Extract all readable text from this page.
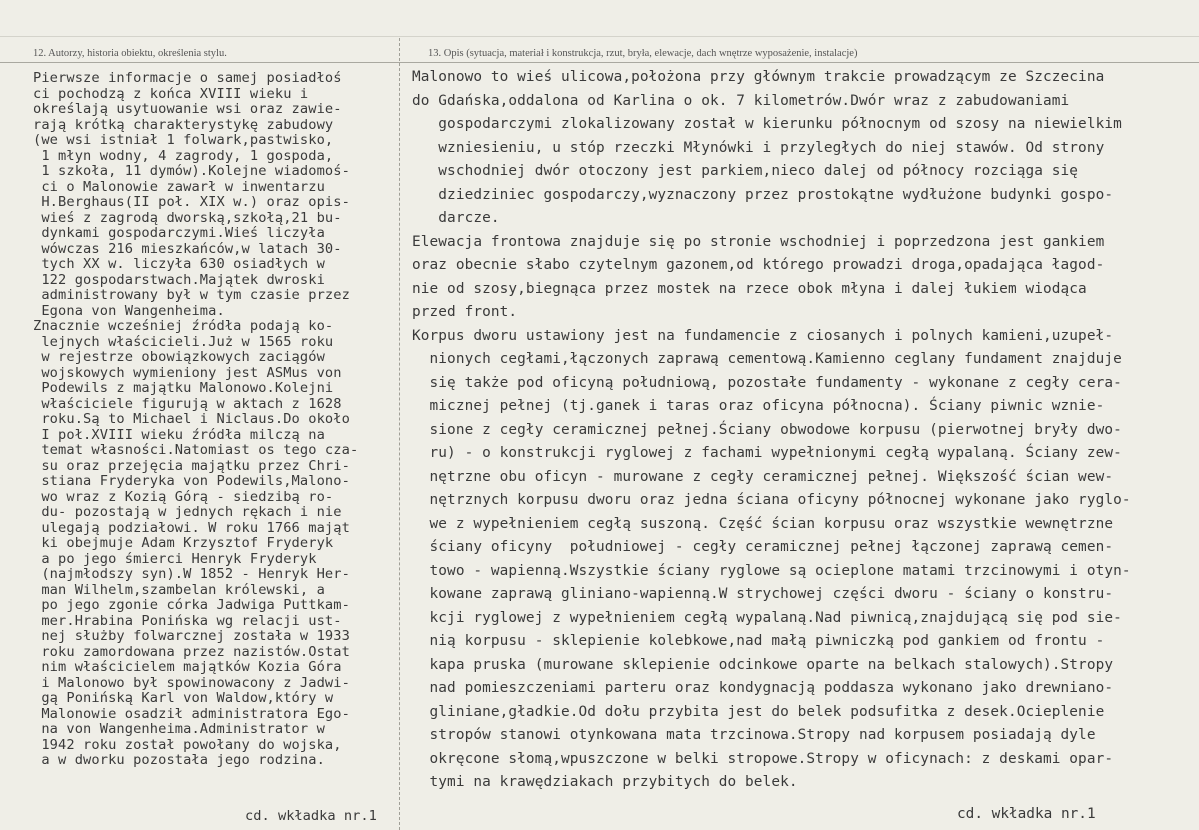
12. Autorzy, historia obiektu, określenia stylu.	13. Opis (sytuacja, materiał i konstrukcja, rzut, bryła, elewacje, dach wnętrze wyposażenie, instalacje)
Pierwsze informacje o samej posiadłoś
ci pochodzą z końca XVIII wieku i
określają usytuowanie wsi oraz zawie-
rają krótką charakterystykę zabudowy
(we wsi istniał 1 folwark,pastwisko,
1 młyn wodny, 4 zagrody, 1 gospoda,
1 szkoła, 11 dymów).Kolejne wiadomoś-
ci o Malonowie zawarł w inwentarzu
H.Berghaus(II poł. XIX w.) oraz opis-
wieś z zagrodą dworską,szkołą,21 bu-
dynkami gospodarczymi.Wieś liczyła
wówczas 216 mieszkańców,w latach 30-
tych XX w. liczyła 630 osiadłych w
122 gospodarstwach.Majątek dwroski
administrowany był w tym czasie przez
Egona von Wangenheima.
Znacznie wcześniej źródła podają ko-
lejnych właścicieli.Już w 1565 roku
w rejestrze obowiązkowych zaciągów
wojskowych wymieniony jest ASMus von
Podewils z majątku Malonowo.Kolejni
właściciele figurują w aktach z 1628
roku.Są to Michael i Niclaus.Do około
I poł.XVIII wieku źródła milczą na
temat własności.Natomiast os tego cza-
su oraz przejęcia majątku przez Chri-
stiana Fryderyka von Podewils,Malono-
wo wraz z Kozią Górą - siedzibą ro-
du- pozostają w jednych rękach i nie
ulegają podziałowi. W roku 1766 mająt
ki obejmuje Adam Krzysztof Fryderyk
a po jego śmierci Henryk Fryderyk
(najmłodszy syn).W 1852 - Henryk Her-
man Wilhelm,szambelan królewski, a
po jego zgonie córka Jadwiga Puttkam-
mer.Hrabina Ponińska wg relacji ust-
nej służby folwarcznej została w 1933
roku zamordowana przez nazistów.Ostat
nim właścicielem majątków Kozia Góra
i Malonowo był spowinowacony z Jadwi-
gą Ponińską Karl von Waldow,który w
Malonowie osadził administratora Ego-
na von Wangenheima.Administrator w
1942 roku został powołany do wojska,
a w dworku pozostała jego rodzina.
Malonowo to wieś ulicowa,położona przy głównym trakcie prowadzącym ze Szczecina
do Gdańska,oddalona od Karlina o ok. 7 kilometrów.Dwór wraz z zabudowaniami
gospodarczymi zlokalizowany został w kierunku północnym od szosy na niewielkim
wzniesieniu, u stóp rzeczki Młynówki i przyległych do niej stawów. Od strony
wschodniej dwór otoczony jest parkiem,nieco dalej od północy rozciąga się
dziedziniec gospodarczy,wyznaczony przez prostokątne wydłużone budynki gospo-
darcze.
Elewacja frontowa znajduje się po stronie wschodniej i poprzedzona jest gankiem
oraz obecnie słabo czytelnym gazonem,od którego prowadzi droga,opadająca łagod-
nie od szosy,biegnąca przez mostek na rzece obok młyna i dalej łukiem wiodąca
przed front.
Korpus dworu ustawiony jest na fundamencie z ciosanych i polnych kamieni,uzupeł-
nionych cegłami,łączonych zaprawą cementową.Kamienno ceglany fundament znajduje
się także pod oficyną południową, pozostałe fundamenty - wykonane z cegły cera-
micznej pełnej (tj.ganek i taras oraz oficyna północna). Ściany piwnic wznie-
sione z cegły ceramicznej pełnej.Ściany obwodowe korpusu (pierwotnej bryły dwo-
ru) - o konstrukcji ryglowej z fachami wypełnionymi cegłą wypalaną. Ściany zew-
nętrzne obu oficyn - murowane z cegły ceramicznej pełnej. Większość ścian wew-
nętrznych korpusu dworu oraz jedna ściana oficyny północnej wykonane jako ryglo-
we z wypełnieniem cegłą suszoną. Część ścian korpusu oraz wszystkie wewnętrzne
ściany oficyny  południowej - cegły ceramicznej pełnej łączonej zaprawą cemen-
towo - wapienną.Wszystkie ściany ryglowe są ocieplone matami trzcinowymi i otyn-
kowane zaprawą gliniano-wapienną.W strychowej części dworu - ściany o konstru-
kcji ryglowej z wypełnieniem cegłą wypalaną.Nad piwnicą,znajdującą się pod sie-
nią korpusu - sklepienie kolebkowe,nad małą piwniczką pod gankiem od frontu -
kapa pruska (murowane sklepienie odcinkowe oparte na belkach stalowych).Stropy
nad pomieszczeniami parteru oraz kondygnacją poddasza wykonano jako drewniano-
gliniane,gładkie.Od dołu przybita jest do belek podsufitka z desek.Ocieplenie
stropów stanowi otynkowana mata trzcinowa.Stropy nad korpusem posiadają dyle
okręcone słomą,wpuszczone w belki stropowe.Stropy w oficynach: z deskami opar-
tymi na krawędziakach przybitych do belek.
cd. wkładka nr.1	cd. wkładka nr.1
